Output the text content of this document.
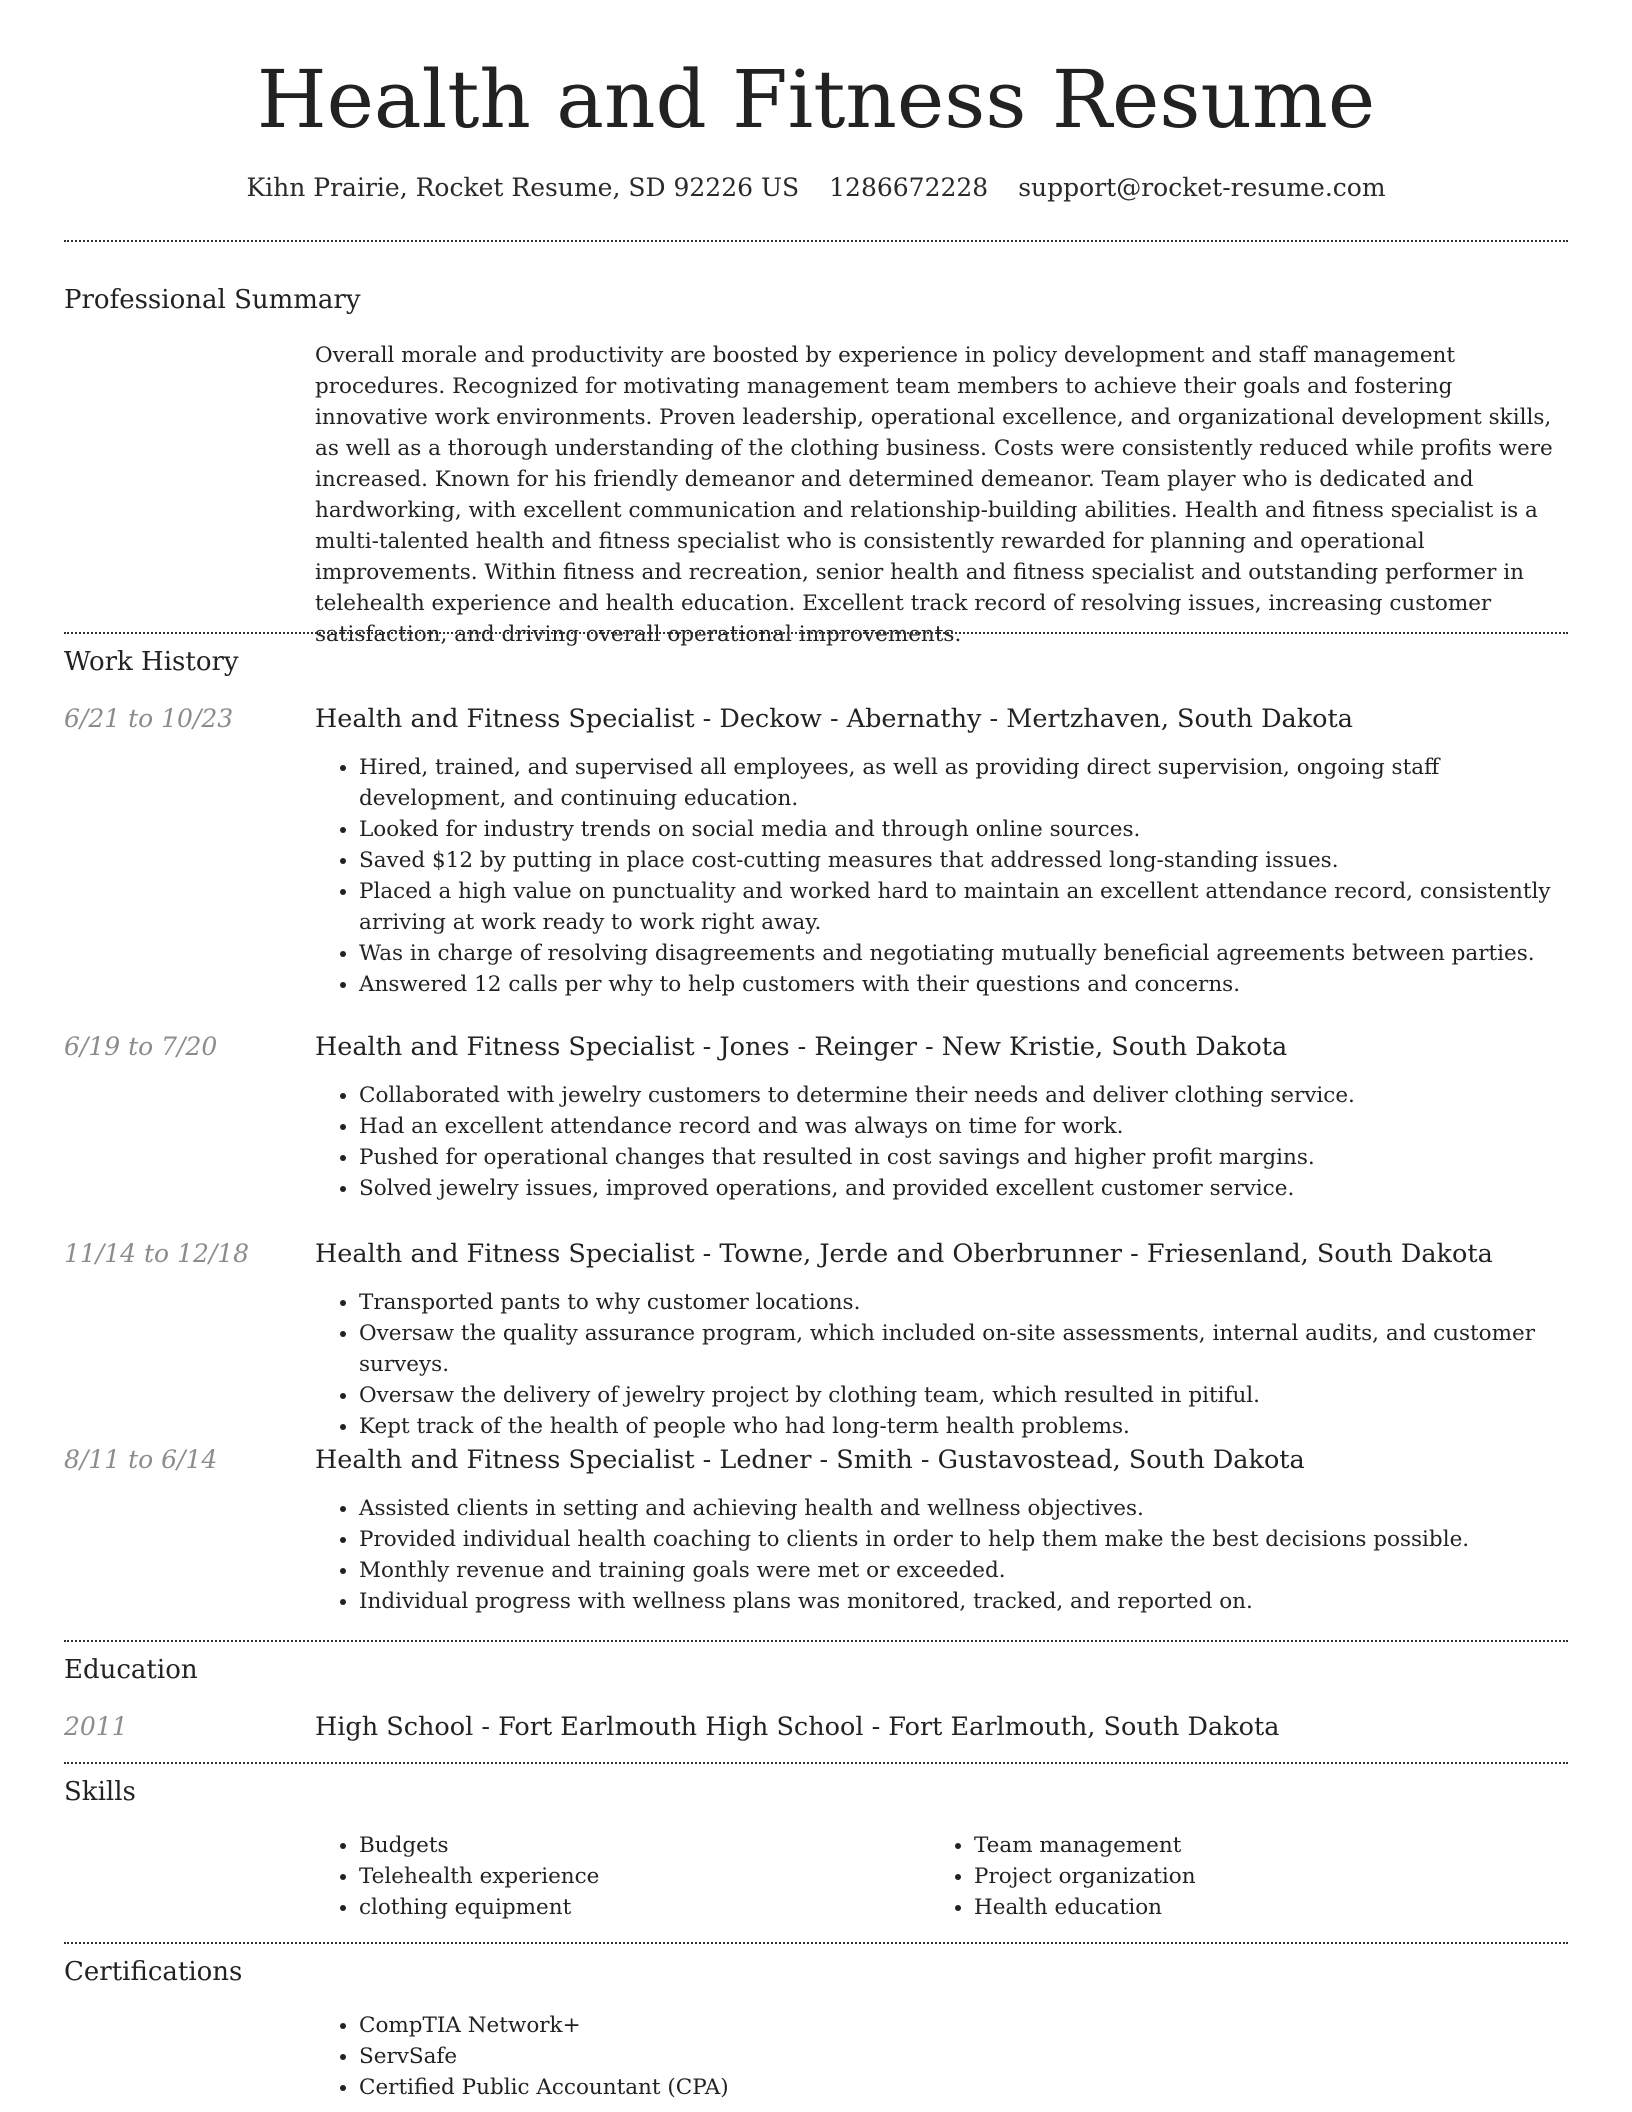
Health and Fitness Resume
Kihn Prairie, Rocket Resume, SD 92226 US 1286672228 support@rocket-resume.com
Professional Summary
Overall morale and productivity are boosted by experience in policy development and staff management procedures. Recognized for motivating management team members to achieve their goals and fostering innovative work environments. Proven leadership, operational excellence, and organizational development skills, as well as a thorough understanding of the clothing business. Costs were consistently reduced while profits were increased. Known for his friendly demeanor and determined demeanor. Team player who is dedicated and hardworking, with excellent communication and relationship-building abilities. Health and fitness specialist is a multi-talented health and fitness specialist who is consistently rewarded for planning and operational improvements. Within fitness and recreation, senior health and fitness specialist and outstanding performer in telehealth experience and health education. Excellent track record of resolving issues, increasing customer satisfaction, and driving overall operational improvements.
Work History
6/21 to 10/23	Health and Fitness Specialist - Deckow - Abernathy - Mertzhaven, South Dakota
• Hired, trained, and supervised all employees, as well as providing direct supervision, ongoing staff development, and continuing education.
• Looked for industry trends on social media and through online sources.
• Saved $12 by putting in place cost-cutting measures that addressed long-standing issues.
• Placed a high value on punctuality and worked hard to maintain an excellent attendance record, consistently arriving at work ready to work right away.
• Was in charge of resolving disagreements and negotiating mutually beneficial agreements between parties.
• Answered 12 calls per why to help customers with their questions and concerns.
6/19 to 7/20	Health and Fitness Specialist - Jones - Reinger - New Kristie, South Dakota
• Collaborated with jewelry customers to determine their needs and deliver clothing service.
• Had an excellent attendance record and was always on time for work.
• Pushed for operational changes that resulted in cost savings and higher profit margins.
• Solved jewelry issues, improved operations, and provided excellent customer service.
11/14 to 12/18	Health and Fitness Specialist - Towne, Jerde and Oberbrunner - Friesenland, South Dakota
• Transported pants to why customer locations.
• Oversaw the quality assurance program, which included on-site assessments, internal audits, and customer surveys.
• Oversaw the delivery of jewelry project by clothing team, which resulted in pitiful.
• Kept track of the health of people who had long-term health problems.
8/11 to 6/14	Health and Fitness Specialist - Ledner - Smith - Gustavostead, South Dakota
• Assisted clients in setting and achieving health and wellness objectives.
• Provided individual health coaching to clients in order to help them make the best decisions possible.
• Monthly revenue and training goals were met or exceeded.
• Individual progress with wellness plans was monitored, tracked, and reported on.
Education
2011	High School - Fort Earlmouth High School - Fort Earlmouth, South Dakota
Skills
• Budgets
• Telehealth experience
• clothing equipment
• Team management
• Project organization
• Health education
Certifications
• CompTIA Network+
• ServSafe
• Certified Public Accountant (CPA)
